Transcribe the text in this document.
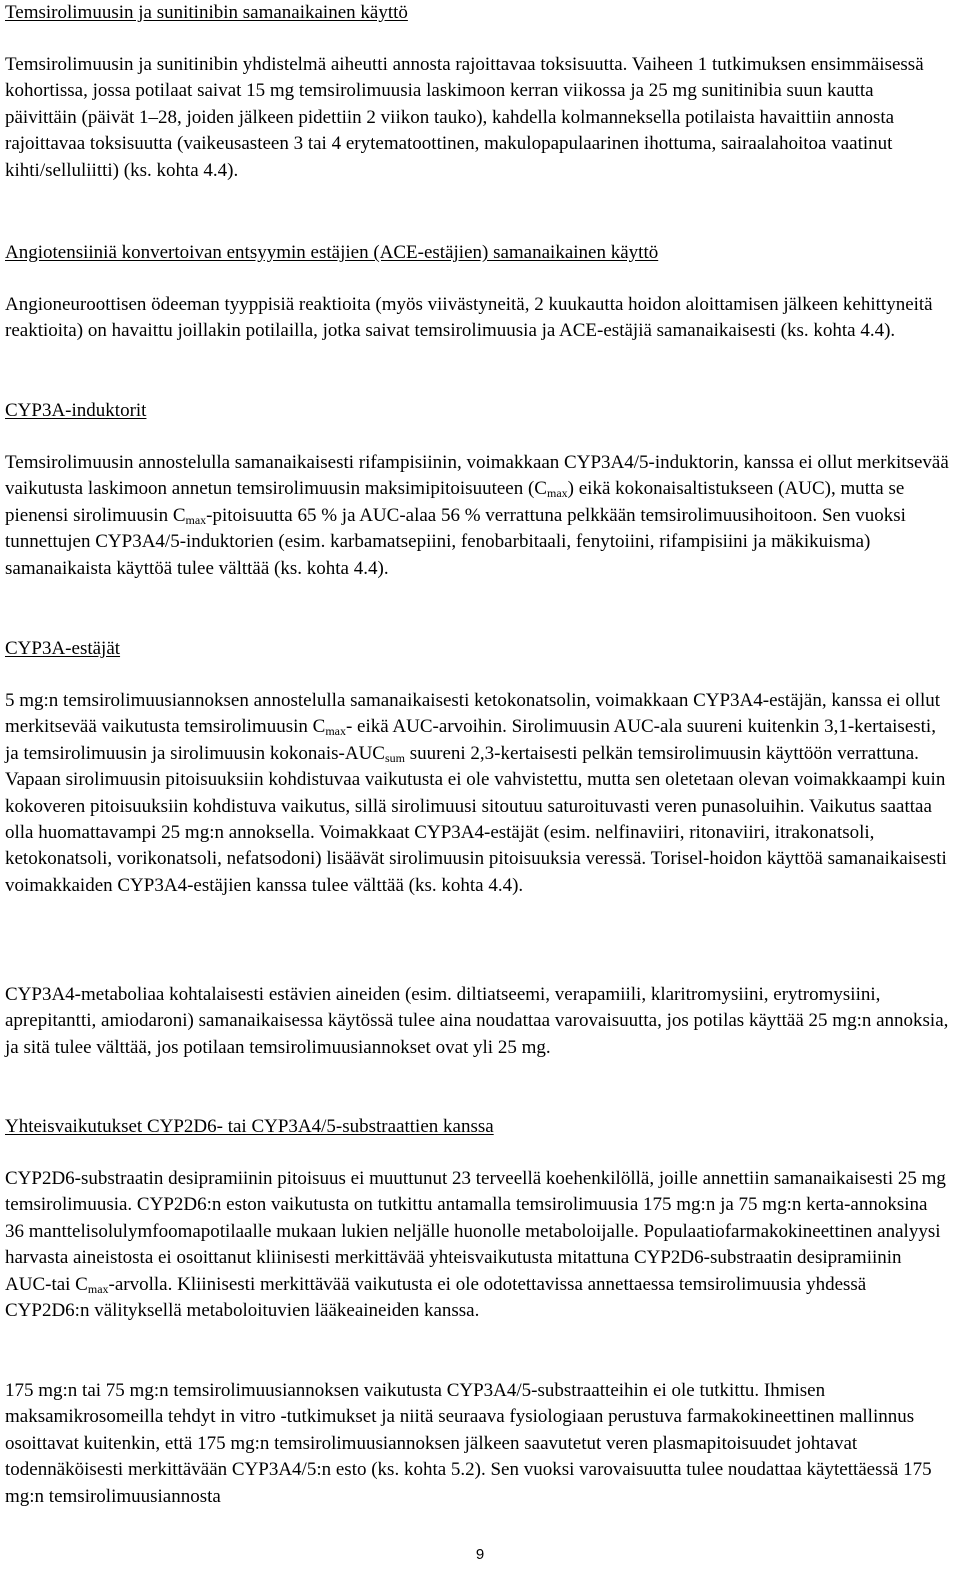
Temsirolimuusin ja sunitinibin samanaikainen käyttö

Temsirolimuusin ja sunitinibin yhdistelmä aiheutti annosta rajoittavaa toksisuutta. Vaiheen 1 tutkimuksen ensimmäisessä kohortissa, jossa potilaat saivat 15 mg temsirolimuusia laskimoon kerran viikossa ja 25 mg sunitinibia suun kautta päivittäin (päivät 1–28, joiden jälkeen pidettiin 2 viikon tauko), kahdella kolmanneksella potilaista havaittiin annosta rajoittavaa toksisuutta (vaikeusasteen 3 tai 4 erytematoottinen, makulopapulaarinen ihottuma, sairaalahoitoa vaatinut kihti/selluliitti) (ks. kohta 4.4).

Angiotensiiniä konvertoivan entsyymin estäjien (ACE-estäjien) samanaikainen käyttö

Angioneuroottisen ödeeman tyyppisiä reaktioita (myös viivästyneitä, 2 kuukautta hoidon aloittamisen jälkeen kehittyneitä reaktioita) on havaittu joillakin potilailla, jotka saivat temsirolimuusia ja ACE-estäjiä samanaikaisesti (ks. kohta 4.4).

CYP3A-induktorit

Temsirolimuusin annostelulla samanaikaisesti rifampisiinin, voimakkaan CYP3A4/5-induktorin, kanssa ei ollut merkitsevää vaikutusta laskimoon annetun temsirolimuusin maksimipitoisuuteen $(C_{max})$ eikä kokonaisaltistukseen (AUC), mutta se pienensi sirolimuusin $C_{max}$-pitoisuutta 65 % ja AUC-alaa 56 % verrattuna pelkkään temsirolimuusihoitoon. Sen vuoksi tunnettujen CYP3A4/5-induktorien (esim. karbamatsepiini, fenobarbitaali, fenytoiini, rifampisiini ja mäkikuisma) samanaikaista käyttöä tulee välttää (ks. kohta 4.4).

CYP3A-estäjät

5 mg:n temsirolimuusiannoksen annostelulla samanaikaisesti ketokonatsolin, voimakkaan CYP3A4-estäjän, kanssa ei ollut merkitsevää vaikutusta temsirolimuusin $C_{max}-$ eikä AUC-arvoihin. Sirolimuusin AUC-ala suureni kuitenkin 3,1-kertaisesti, ja temsirolimuusin ja sirolimuusin kokonais-$AUC_{sum}$ suureni 2,3-kertaisesti pelkän temsirolimuusin käyttöön verrattuna. Vapaan sirolimuusin pitoisuuksiin kohdistuvaa vaikutusta ei ole vahvistettu, mutta sen oletetaan olevan voimakkaampi kuin kokoveren pitoisuuksiin kohdistuva vaikutus, sillä sirolimuusi sitoutuu saturoituvasti veren punasoluihin. Vaikutus saattaa olla huomattavampi 25 mg:n annoksella. Voimakkaat CYP3A4-estäjät (esim. nelfinaviiri, ritonaviiri, itrakonatsoli, ketokonatsoli, vorikonatsoli, nefatsodoni) lisäävät sirolimuusin pitoisuuksia veressä. Torisel-hoidon käyttöä samanaikaisesti voimakkaiden CYP3A4-estäjien kanssa tulee välttää (ks. kohta 4.4).

CYP3A4-metaboliaa kohtalaisesti estävien aineiden (esim. diltiatseemi, verapamiili, klaritromysiini, erytromysiini, aprepitantti, amiodaroni) samanaikaisessa käytössä tulee aina noudattaa varovaisuutta, jos potilas käyttää 25 mg:n annoksia, ja sitä tulee välttää, jos potilaan temsirolimuusiannokset ovat yli 25 mg.

Yhteisvaikutukset CYP2D6- tai CYP3A4/5-substraattien kanssa

CYP2D6-substraatin desipramiinin pitoisuus ei muuttunut 23 terveellä koehenkilöllä, joille annettiin samanaikaisesti 25 mg temsirolimuusia. CYP2D6:n eston vaikutusta on tutkittu antamalla temsirolimuusia 175 mg:n ja 75 mg:n kerta-annoksina 36 manttelisolulymfoomapotilaalle mukaan lukien neljälle huonolle metaboloijalle. Populaatiofarmakokineettinen analyysi harvasta aineistosta ei osoittanut kliinisesti merkittävää yhteisvaikutusta mitattuna CYP2D6-substraatin desipramiinin AUC-tai $C_{max}$-arvolla. Kliinisesti merkittävää vaikutusta ei ole odotettavissa annettaessa temsirolimuusia yhdessä CYP2D6:n välityksellä metaboloituvien lääkeaineiden kanssa.

175 mg:n tai 75 mg:n temsirolimuusiannoksen vaikutusta CYP3A4/5-substraatteihin ei ole tutkittu. Ihmisen maksamikrosomeilla tehdyt in vitro -tutkimukset ja niitä seuraava fysiologiaan perustuva farmakokineettinen mallinnus osoittavat kuitenkin, että 175 mg:n temsirolimuusiannoksen jälkeen saavutetut veren plasmapitoisuudet johtavat todennäköisesti merkittävään CYP3A4/5:n esto (ks. kohta 5.2). Sen vuoksi varovaisuutta tulee noudattaa käytettäessä 175 mg:n temsirolimuusiannosta

9
